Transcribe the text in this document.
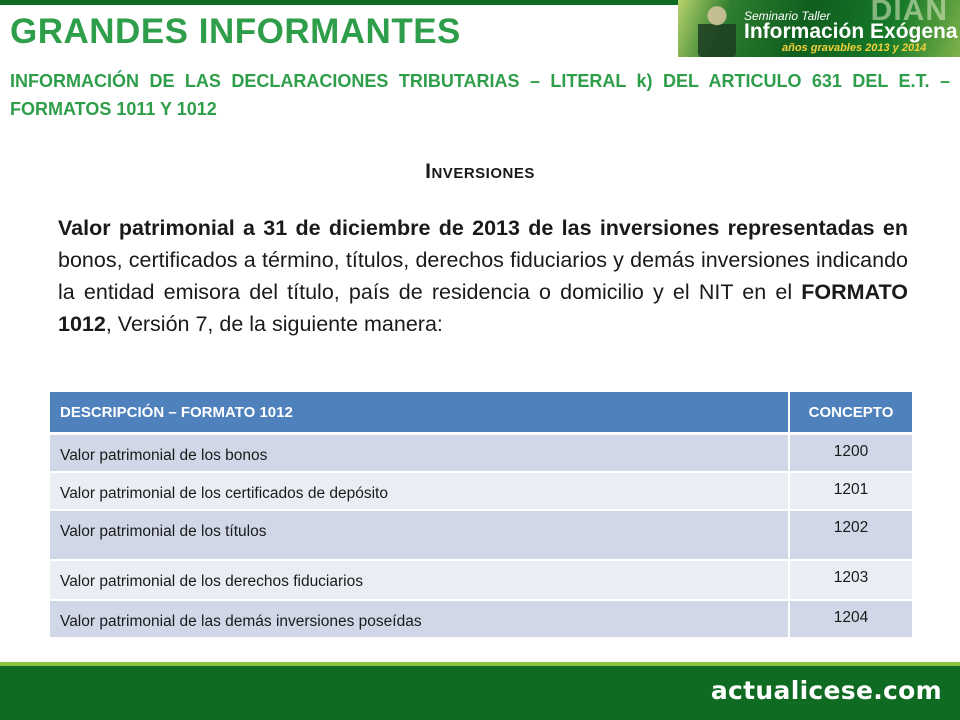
GRANDES INFORMANTES
DIAN
Seminario Taller
Información Exógena
años gravables 2013 y 2014
INFORMACIÓN DE LAS DECLARACIONES TRIBUTARIAS – LITERAL k) DEL ARTICULO 631 DEL E.T. – FORMATOS 1011 Y 1012
Inversiones
Valor patrimonial a 31 de diciembre de 2013 de las inversiones representadas en bonos, certificados a término, títulos, derechos fiduciarios y demás inversiones indicando la entidad emisora del título, país de residencia o domicilio y el NIT en el FORMATO 1012, Versión 7, de la siguiente manera:
DESCRIPCIÓN – FORMATO 1012	CONCEPTO
Valor patrimonial de los bonos	1200
Valor patrimonial de los certificados de depósito	1201
Valor patrimonial de los títulos	1202
Valor patrimonial de los derechos fiduciarios	1203
Valor patrimonial de las demás inversiones poseídas	1204
actualicese.com
